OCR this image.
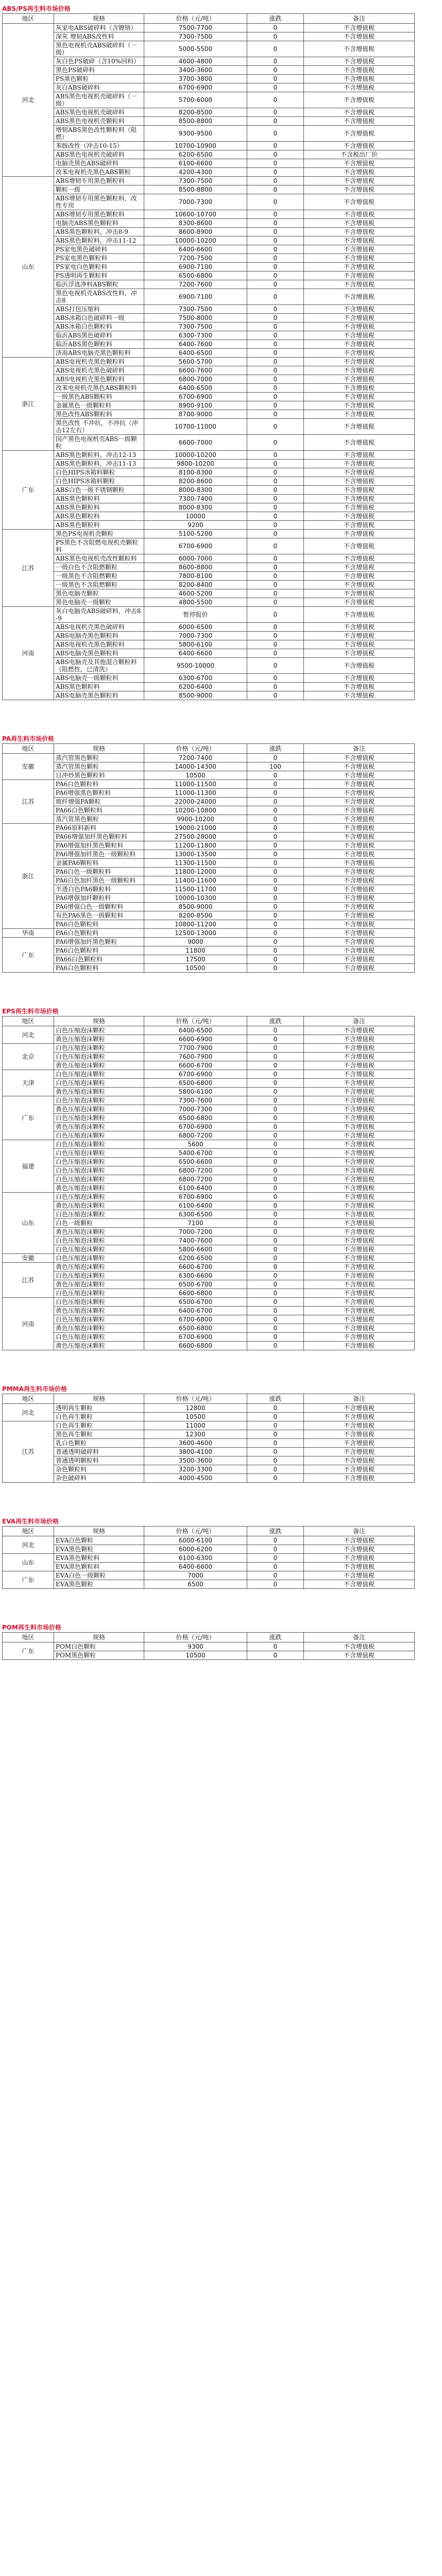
ABS/PS再生料市场价格
地区	规格	价格（元/吨）	涨跌	备注
河北	灰家电ABS破碎料（含镀铬）	7500-7700	0	不含增值税
	深灰 增韧ABS改性料	7300-7500	0	不含增值税
	黑色电视机壳ABS破碎料（一级）	5000-5500	0	不含增值税
	灰白色PS破碎（含10%回料）	4600-4800	0	不含增值税
	黑色PS破碎料	3400-3600	0	不含增值税
	PS黑色颗粒	3700-3800	0	不含增值税
	灰白ABS破碎料	6700-6900	0	不含增值税
	ABS黑色电视机壳破碎料（一级）	5700-6000	0	不含增值税
	ABS黑色电视机壳破碎料	8200-8500	0	不含增值税
	ABS黑色电视机壳颗粒料	8500-8800	0	不含增值税
	增韧ABS黑色改性颗粒料（阻燃）	9300-9500	0	不含增值税
	苯胺改性（冲击10-15）	10700-10900	0	不含增值税
	ABS黑色电视机壳破碎料	6200-6500	0	不含税出厂价
	电脑壳黑色ABS破碎料	6100-6600	0	不含增值税
	改苯电视机壳黑色ABS颗粒	4200-4300	0	不含增值税
山东	ABS增韧专用黑色颗粒料	7300-7500	0	不含增值税
	颗粒一级	8500-8800	0	不含增值税
	ABS增韧专用黑色颗粒料，改性专用	7000-7300	0	不含增值税
	ABS增韧专用黑色颗粒料	10600-10700	0	不含增值税
	电脑壳ABS黑色颗粒料	8300-8600	0	不含增值税
	ABS黑色颗粒料，冲击8-9	8600-8900	0	不含增值税
	ABS黑色颗粒料，冲击11-12	10000-10200	0	不含增值税
	PS家电黑色破碎料	6400-6600	0	不含增值税
	PS家电黑色颗粒料	7200-7500	0	不含增值税
	PS家电白色颗粒料	6900-7100	0	不含增值税
	PS透明再生颗粒料	6500-6800	0	不含增值税
	临沂浮选净料ABS颗粒	7200-7600	0	不含增值税
	黑色电视机壳ABS改性料，冲击8	6900-7100	0	不含增值税
	ABS打包压缩料	7300-7500	0	不含增值税
	ABS冰箱白色破碎料一级	7500-8000	0	不含增值税
	ABS冰箱白色颗粒料	7300-7500	0	不含增值税
	临沂ABS黑色破碎料	6300-7300	0	不含增值税
	临沂ABS黑色颗粒料	6400-7600	0	不含增值税
	济南ABS电脑壳黑色颗粒料	6400-6500	0	不含增值税
浙江	ABS电视机壳黑色颗粒料	5600-5700	0	不含增值税
	ABS电视机壳黑色破碎料	6600-7600	0	不含增值税
	ABS电视机壳黑色颗粒料	6800-7000	0	不含增值税
	改苯电视机壳黑色ABS颗粒料	6400-6500	0	不含增值税
	一级黑色ABS颗粒料	6700-6900	0	不含增值税
	金属黑色一级颗粒料	8900-9100	0	不含增值税
	黑色改性ABS颗粒料	8700-9000	0	不含增值税
	黑色改性 不冲抗，不冲抗（冲击12左右）	10700-11000	0	不含增值税
	国产黑色电视机壳ABS一级颗粒	6600-7000	0	不含增值税
广东	ABS黑色颗粒料，冲击12-13	10000-10200	0	不含增值税
	ABS黑色颗粒料，冲击11-13	9800-10200	0	不含增值税
	白色HIPS冰箱料颗粒	8100-8300	0	不含增值税
	白色HIPS冰箱料颗粒	8200-8600	0	不含增值税
	ABS白色一级不锈钢颗粒	8000-8300	0	不含增值税
	ABS黑色颗粒料	7300-7400	0	不含增值税
	ABS黑色颗粒料	8000-8300	0	不含增值税
	ABS黑色颗粒料	10000	0	不含增值税
	ABS黑色颗粒料	9200	0	不含增值税
江苏	黑色PS电视机壳颗粒	5100-5200	0	不含增值税
	PS黑色不含阻燃电视机壳颗粒料	6700-6900	0	不含增值税
	ABS黑色电视机壳改性颗粒料	6000-7000	0	不含增值税
	一级白色不含阻燃颗粒	8600-8800	0	不含增值税
	一级黑色不含阻燃颗粒	7800-8100	0	不含增值税
	一级黑色不含阻燃颗粒	8200-8400	0	不含增值税
	黑色电脑壳颗粒	4600-5200	0	不含增值税
	黑色电脑壳一级颗粒	4800-5500	0	不含增值税
河南	灰白电脑壳ABS破碎料，冲击8-9	暂停报价	0	不含增值税
	ABS电视机壳黑色破碎料	6000-6500	0	不含增值税
	ABS电脑壳黑色颗粒料	7000-7300	0	不含增值税
	ABS电视机壳黑色颗粒料	5800-6100	0	不含增值税
	ABS电脑壳黑色颗粒料	6400-6600	0	不含增值税
	ABS电脑壳及其他混合颗粒料（阻燃性，已清洗）	9500-10000	0	不含增值税
	ABS电脑壳一级颗粒料	6300-6700	0	不含增值税
	ABS黑色颗粒料	6200-6400	0	不含增值税
	ABS电脑壳黑色颗粒料	8500-9000	0	不含增值税
PA再生料市场价格
地区	规格	价格（元/吨）	涨跌	备注
安徽	蒸汽管黑色颗粒	7200-7400	0	不含增值税
	蒸汽管黑色颗粒	14000-14300	100	不含增值税
	日冲炒黑色颗粒料	10500	0	不含增值税
江苏	PA6白色颗粒料	11000-11500	0	不含增值税
	PA6增强黑色颗粒料	11000-11300	0	不含增值税
	玻纤增强PA颗粒	22000-24000	0	不含增值税
	PA66白色颗粒料	10200-10800	0	不含增值税
	蒸汽管黑色颗粒	9900-10200	0	不含增值税
浙江	PA66原料新料	19000-21000	0	不含增值税
	PA66增强加纤黑色颗粒料	27500-28000	0	不含增值税
	PA6增强加纤黑色颗粒料	11200-11800	0	不含增值税
	PA6增强加纤黑色一级颗粒料	13000-13500	0	不含增值税
	金属PA6颗粒料	11300-11500	0	不含增值税
	PA6白色一级颗粒料	11800-12000	0	不含增值税
	PA6白色加纤黑色一级颗粒料	11400-11600	0	不含增值税
	半透白色PA6颗粒料	11500-11700	0	不含增值税
	PA6增强加纤颗粒料	10000-10300	0	不含增值税
	PA6增强白色一级颗粒料	8500-9000	0	不含增值税
	有色PA6黑色一级颗粒料	8200-8500	0	不含增值税
	PA6白色颗粒料	10800-11200	0	不含增值税
华南	PA6白色颗粒料	12500-13000	0	不含增值税
广东	PA6增强加纤黑色颗粒	9000	0	不含增值税
	PA6白色颗粒料	11800	0	不含增值税
	PA66白色颗粒料	17500	0	不含增值税
	PA6白色颗粒料	10500	0	不含增值税
EPS再生料市场价格
地区	规格	价格（元/吨）	涨跌	备注
河北	白色压缩泡沫颗粒	6400-6500	0	不含增值税
	黄色压缩泡沫颗粒	6600-6900	0	不含增值税
北京	白色压缩泡沫颗粒	7700-7900	0	不含增值税
	白色压缩泡沫颗粒	7600-7900	0	不含增值税
	黄色压缩泡沫颗粒	6600-6700	0	不含增值税
天津	白色压缩泡沫颗粒	6700-6900	0	不含增值税
	白色压缩泡沫颗粒	6500-6800	0	不含增值税
	黄色压缩泡沫颗粒	5800-6100	0	不含增值税
广东	白色压缩泡沫颗粒	7300-7600	0	不含增值税
	黄色压缩泡沫颗粒	7000-7300	0	不含增值税
	白色压缩泡沫颗粒	6500-6800	0	不含增值税
	黄色压缩泡沫颗粒	6700-6900	0	不含增值税
	白色压缩泡沫颗粒	6800-7200	0	不含增值税
福建	白色压缩泡沫颗粒	5600	0	不含增值税
	白色压缩泡沫颗粒	5400-6700	0	不含增值税
	白色压缩泡沫颗粒	6500-6600	0	不含增值税
	白色压缩泡沫颗粒	6800-7200	0	不含增值税
	白色压缩泡沫颗粒	6800-7200	0	不含增值税
	黄色压缩泡沫颗粒	6100-6400	0	不含增值税
山东	白色压缩泡沫颗粒	6700-6900	0	不含增值税
	黄色压缩泡沫颗粒	6100-6400	0	不含增值税
	白色压缩泡沫颗粒	6300-6500	0	不含增值税
	白色一级颗粒	7100	0	不含增值税
	黄色压缩泡沫颗粒	7000-7200	0	不含增值税
	白色压缩泡沫颗粒	7400-7600	0	不含增值税
	白色压缩泡沫颗粒	5800-6600	0	不含增值税
安徽	白色压缩泡沫颗粒	6200-6500	0	不含增值税
江苏	黄色压缩泡沫颗粒	6600-6700	0	不含增值税
	白色压缩泡沫颗粒	6300-6600	0	不含增值税
	黄色压缩泡沫颗粒	6500-6700	0	不含增值税
	白色压缩泡沫颗粒	6600-6800	0	不含增值税
河南	白色压缩泡沫颗粒	6500-6700	0	不含增值税
	黄色压缩泡沫颗粒	6400-6700	0	不含增值税
	白色压缩泡沫颗粒	6700-6800	0	不含增值税
	黄色压缩泡沫颗粒	6500-6800	0	不含增值税
	白色压缩泡沫颗粒	6700-6900	0	不含增值税
	黄色压缩泡沫颗粒	6600-6800	0	不含增值税
PMMA再生料市场价格
地区	规格	价格（元/吨）	涨跌	备注
河北	透明再生颗粒	12800	0	不含增值税
	白色再生颗粒	10500	0	不含增值税
江苏	白色再生颗粒	11000	0	不含增值税
	黑色再生颗粒	12300	0	不含增值税
	乳白色颗粒	3600-4600	0	不含增值税
	普通透明破碎料	3800-4100	0	不含增值税
	普通透明颗粒料	3500-3600	0	不含增值税
	杂色颗粒料	3200-3300	0	不含增值税
	杂色破碎料	4000-4500	0	不含增值税
EVA再生料市场价格
地区	规格	价格（元/吨）	涨跌	备注
河北	EVA白色颗粒	6000-6100	0	不含增值税
	EVA黑色颗粒	6000-6200	0	不含增值税
山东	EVA黑色颗粒料	6100-6300	0	不含增值税
	EVA黑色颗粒料	6400-6600	0	不含增值税
广东	EVA白色一级颗粒	7000	0	不含增值税
	EVA黑色颗粒	6500	0	不含增值税
POM再生料市场价格
地区	规格	价格（元/吨）	涨跌	备注
广东	POM白色颗粒	9300	0	不含增值税
	POM黑色颗粒	10500	0	不含增值税
